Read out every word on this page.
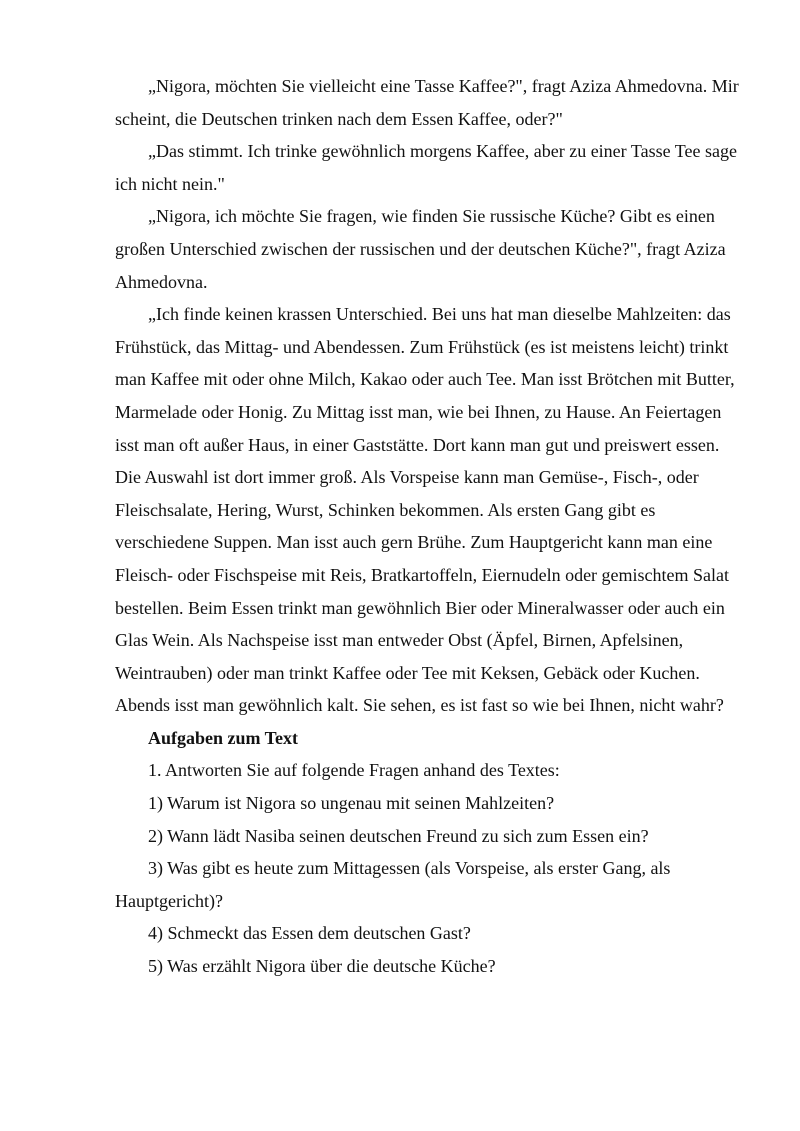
„Nigora, möchten Sie vielleicht eine Tasse Kaffee?", fragt Aziza Ahmedovna. Mir scheint, die Deutschen trinken nach dem Essen Kaffee, oder?"

„Das stimmt. Ich trinke gewöhnlich morgens Kaffee, aber zu einer Tasse Tee sage ich nicht nein."

„Nigora, ich möchte Sie fragen, wie finden Sie russische Küche? Gibt es einen großen Unterschied zwischen der russischen und der deutschen Küche?", fragt Aziza Ahmedovna.

„Ich finde keinen krassen Unterschied. Bei uns hat man dieselbe Mahlzeiten: das Frühstück, das Mittag- und Abendessen. Zum Frühstück (es ist meistens leicht) trinkt man Kaffee mit oder ohne Milch, Kakao oder auch Tee. Man isst Brötchen mit Butter, Marmelade oder Honig. Zu Mittag isst man, wie bei Ihnen, zu Hause. An Feiertagen isst man oft außer Haus, in einer Gaststätte. Dort kann man gut und preiswert essen. Die Auswahl ist dort immer groß. Als Vorspeise kann man Gemüse-, Fisch-, oder Fleischsalate, Hering, Wurst, Schinken bekommen. Als ersten Gang gibt es verschiedene Suppen. Man isst auch gern Brühe. Zum Hauptgericht kann man eine Fleisch- oder Fischspeise mit Reis, Bratkartoffeln, Eiernudeln oder gemischtem Salat bestellen. Beim Essen trinkt man gewöhnlich Bier oder Mineralwasser oder auch ein Glas Wein. Als Nachspeise isst man entweder Obst (Äpfel, Birnen, Apfelsinen, Weintrauben) oder man trinkt Kaffee oder Tee mit Keksen, Gebäck oder Kuchen. Abends isst man gewöhnlich kalt. Sie sehen, es ist fast so wie bei Ihnen, nicht wahr?

Aufgaben zum Text

1. Antworten Sie auf folgende Fragen anhand des Textes:

1) Warum ist Nigora so ungenau mit seinen Mahlzeiten?

2) Wann lädt Nasiba seinen deutschen Freund zu sich zum Essen ein?

3) Was gibt es heute zum Mittagessen (als Vorspeise, als erster Gang, als Hauptgericht)?

4) Schmeckt das Essen dem deutschen Gast?

5) Was erzählt Nigora über die deutsche Küche?
